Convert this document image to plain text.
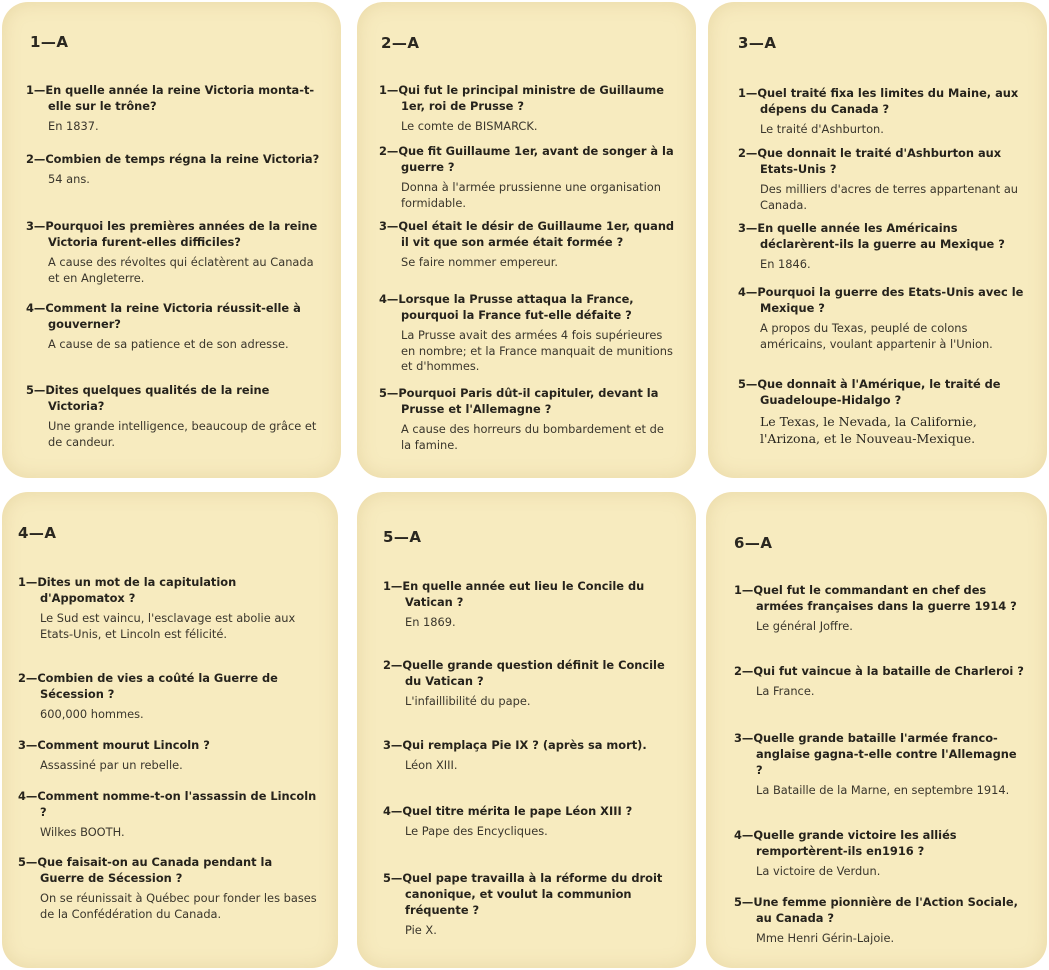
1—A
1—En quelle année la reine Victoria monta-t-elle sur le trône?
En 1837.
2—Combien de temps régna la reine Victoria?
54 ans.
3—Pourquoi les premières années de la reine Victoria furent-elles difficiles?
A cause des révoltes qui éclatèrent au Canada et en Angleterre.
4—Comment la reine Victoria réussit-elle à gouverner?
A cause de sa patience et de son adresse.
5—Dites quelques qualités de la reine Victoria?
Une grande intelligence, beaucoup de grâce et de candeur.
2—A
1—Qui fut le principal ministre de Guillaume 1er, roi de Prusse ?
Le comte de BISMARCK.
2—Que fit Guillaume 1er, avant de songer à la guerre ?
Donna à l'armée prussienne une organisation formidable.
3—Quel était le désir de Guillaume 1er, quand il vit que son armée était formée ?
Se faire nommer empereur.
4—Lorsque la Prusse attaqua la France, pourquoi la France fut-elle défaite ?
La Prusse avait des armées 4 fois supérieures en nombre; et la France manquait de munitions et d'hommes.
5—Pourquoi Paris dût-il capituler, devant la Prusse et l'Allemagne ?
A cause des horreurs du bombardement et de la famine.
3—A
1—Quel traité fixa les limites du Maine, aux dépens du Canada ?
Le traité d'Ashburton.
2—Que donnait le traité d'Ashburton aux Etats-Unis ?
Des milliers d'acres de terres appartenant au Canada.
3—En quelle année les Américains déclarèrent-ils la guerre au Mexique ?
En 1846.
4—Pourquoi la guerre des Etats-Unis avec le Mexique ?
A propos du Texas, peuplé de colons américains, voulant appartenir à l'Union.
5—Que donnait à l'Amérique, le traité de Guadeloupe-Hidalgo ?
Le Texas, le Nevada, la Californie, l'Arizona, et le Nouveau-Mexique.
4—A
1—Dites un mot de la capitulation d'Appomatox ?
Le Sud est vaincu, l'esclavage est abolie aux Etats-Unis, et Lincoln est félicité.
2—Combien de vies a coûté la Guerre de Sécession ?
600,000 hommes.
3—Comment mourut Lincoln ?
Assassiné par un rebelle.
4—Comment nomme-t-on l'assassin de Lincoln ?
Wilkes BOOTH.
5—Que faisait-on au Canada pendant la Guerre de Sécession ?
On se réunissait à Québec pour fonder les bases de la Confédération du Canada.
5—A
1—En quelle année eut lieu le Concile du Vatican ?
En 1869.
2—Quelle grande question définit le Concile du Vatican ?
L'infaillibilité du pape.
3—Qui remplaça Pie IX ? (après sa mort).
Léon XIII.
4—Quel titre mérita le pape Léon XIII ?
Le Pape des Encycliques.
5—Quel pape travailla à la réforme du droit canonique, et voulut la communion fréquente ?
Pie X.
6—A
1—Quel fut le commandant en chef des armées françaises dans la guerre 1914 ?
Le général Joffre.
2—Qui fut vaincue à la bataille de Charleroi ?
La France.
3—Quelle grande bataille l'armée franco-anglaise gagna-t-elle contre l'Allemagne ?
La Bataille de la Marne, en septembre 1914.
4—Quelle grande victoire les alliés remportèrent-ils en1916 ?
La victoire de Verdun.
5—Une femme pionnière de l'Action Sociale, au Canada ?
Mme Henri Gérin-Lajoie.
